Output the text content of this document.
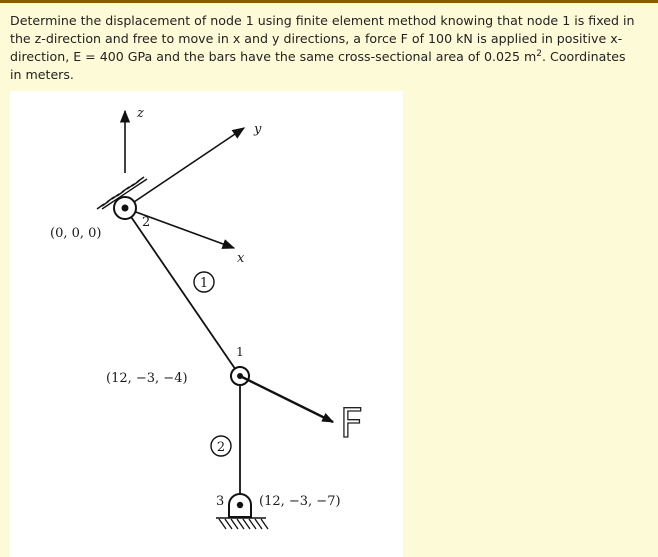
Determine the displacement of node 1 using finite element method knowing that node 1 is fixed in
the z-direction and free to move in x and y directions, a force F of 100 kN is applied in positive x-
direction, E = 400 GPa and the bars have the same cross-sectional area of 0.025 $m^2$. Coordinates
in meters.
z
y
x
2
(0, 0, 0)
1
1
(12, −3, −4)
F
2
3	(12, −3, −7)
